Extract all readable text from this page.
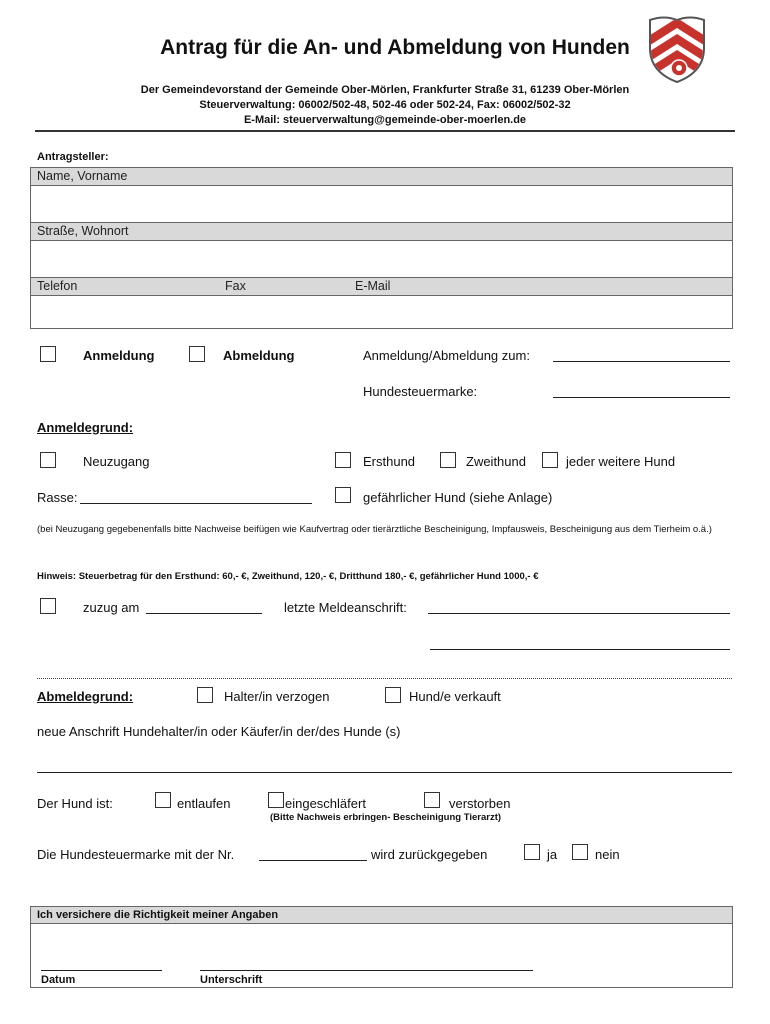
Antrag für die An- und Abmeldung von Hunden
Der Gemeindevorstand der Gemeinde Ober-Mörlen, Frankfurter Straße 31, 61239 Ober-Mörlen
Steuerverwaltung: 06002/502-48, 502-46 oder 502-24, Fax: 06002/502-32
E-Mail: steuerverwaltung@gemeinde-ober-moerlen.de
Antragsteller:
Name, Vorname
Straße, Wohnort
Telefon	Fax	E-Mail
Anmeldung	Abmeldung	Anmeldung/Abmeldung zum:
Hundesteuermarke:
Anmeldegrund:
Neuzugang	Ersthund	Zweithund	jeder weitere Hund
Rasse:	gefährlicher Hund (siehe Anlage)
(bei Neuzugang gegebenenfalls bitte Nachweise beifügen wie Kaufvertrag oder tierärztliche Bescheinigung, Impfausweis, Bescheinigung aus dem Tierheim o.ä.)
Hinweis: Steuerbetrag für den Ersthund: 60,- €, Zweithund, 120,- €, Dritthund 180,- €, gefährlicher Hund 1000,- €
zuzug am	letzte Meldeanschrift:
Abmeldegrund:	Halter/in verzogen	Hund/e verkauft
neue Anschrift Hundehalter/in oder Käufer/in der/des Hunde (s)
Der Hund ist:	entlaufen	eingeschläfert	verstorben
(Bitte Nachweis erbringen- Bescheinigung Tierarzt)
Die Hundesteuermarke mit der Nr.	wird zurückgegeben	ja	nein
Ich versichere die Richtigkeit meiner Angaben
Datum	Unterschrift
